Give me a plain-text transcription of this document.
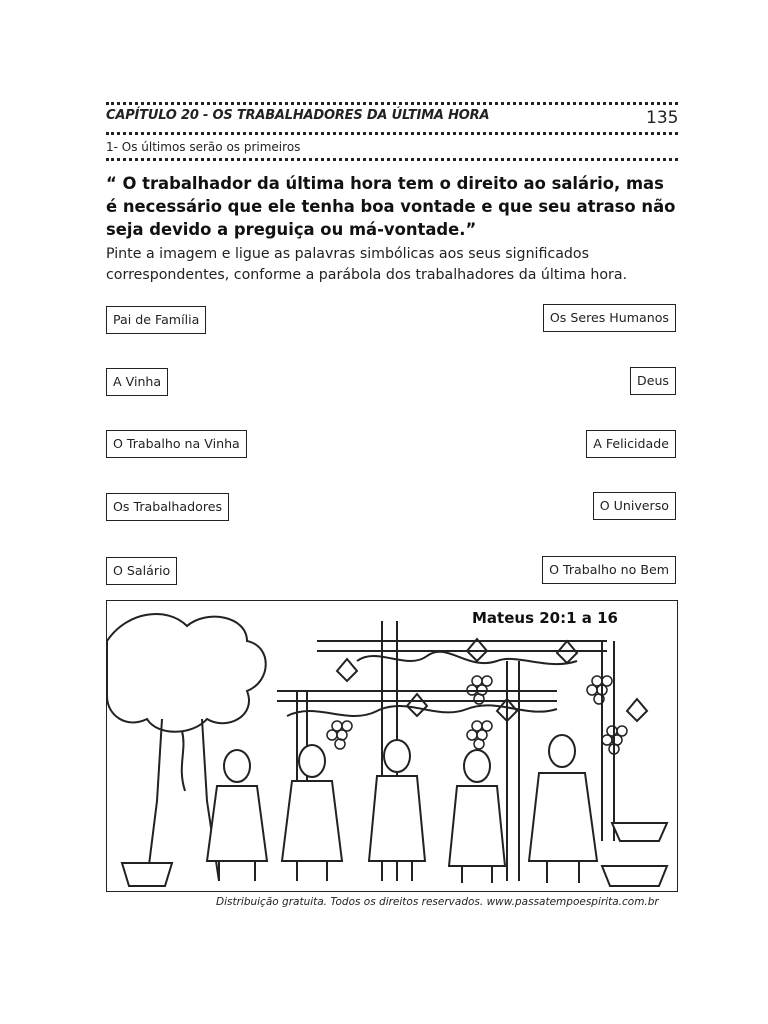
CAPÍTULO 20 - OS TRABALHADORES DA ÚLTIMA HORA	135
1- Os últimos serão os primeiros
“ O trabalhador da última hora tem o direito ao salário, mas é necessário que ele tenha boa vontade e que seu atraso não seja devido a preguiça ou má-vontade.”
Pinte a imagem e ligue as palavras simbólicas aos seus significados correspondentes, conforme a parábola dos trabalhadores da última hora.
Pai de Família
A Vinha
O Trabalho na Vinha
Os Trabalhadores
O Salário
Os Seres Humanos
Deus
A Felicidade
O Universo
O Trabalho no Bem
Mateus 20:1 a 16
Distribuição gratuita. Todos os direitos reservados. www.passatempoespirita.com.br
